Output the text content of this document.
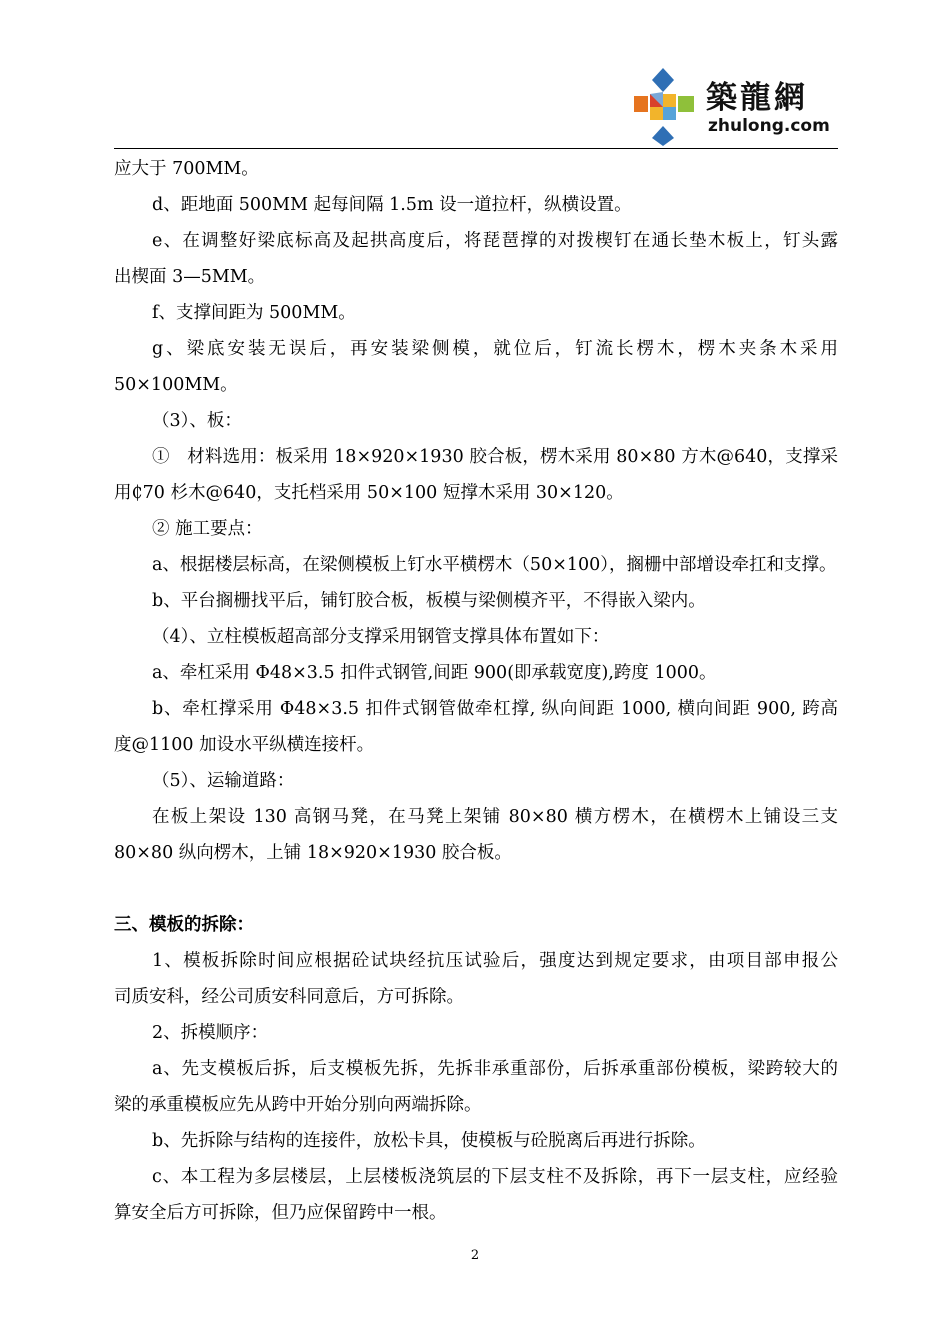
築龍網
zhulong.com
应大于 700MM。
d、距地面 500MM 起每间隔 1.5m 设一道拉杆，纵横设置。
e、在调整好梁底标高及起拱高度后，将琵琶撑的对拨楔钉在通长垫木板上，钉头露
出楔面 3—5MM。
f、支撑间距为 500MM。
g、梁底安装无误后，再安装梁侧模，就位后，钉流长楞木，楞木夹条木采用
50×100MM。
（3）、板：
①　材料选用：板采用 18×920×1930 胶合板，楞木采用 80×80 方木@640，支撑采
用₵70 杉木@640，支托档采用 50×100 短撑木采用 30×120。
② 施工要点：
a、根据楼层标高，在梁侧模板上钉水平横楞木（50×100），搁栅中部增设牵扛和支撑。
b、平台搁栅找平后，铺钉胶合板，板模与梁侧模齐平，不得嵌入梁内。
（4）、立柱模板超高部分支撑采用钢管支撑具体布置如下：
a、牵杠采用 Φ48×3.5 扣件式钢管,间距 900(即承载宽度),跨度 1000。
b、牵杠撑采用 Φ48×3.5 扣件式钢管做牵杠撑, 纵向间距 1000, 横向间距 900, 跨高
度@1100 加设水平纵横连接杆。
（5）、运输道路：
在板上架设 130 高钢马凳，在马凳上架铺 80×80 横方楞木，在横楞木上铺设三支
80×80 纵向楞木，上铺 18×920×1930 胶合板。
三、模板的拆除：
1、模板拆除时间应根据砼试块经抗压试验后，强度达到规定要求，由项目部申报公
司质安科，经公司质安科同意后，方可拆除。
2、拆模顺序：
a、先支模板后拆，后支模板先拆，先拆非承重部份，后拆承重部份模板，梁跨较大的
梁的承重模板应先从跨中开始分别向两端拆除。
b、先拆除与结构的连接件，放松卡具，使模板与砼脱离后再进行拆除。
c、本工程为多层楼层，上层楼板浇筑层的下层支柱不及拆除，再下一层支柱，应经验
算安全后方可拆除，但乃应保留跨中一根。
2
